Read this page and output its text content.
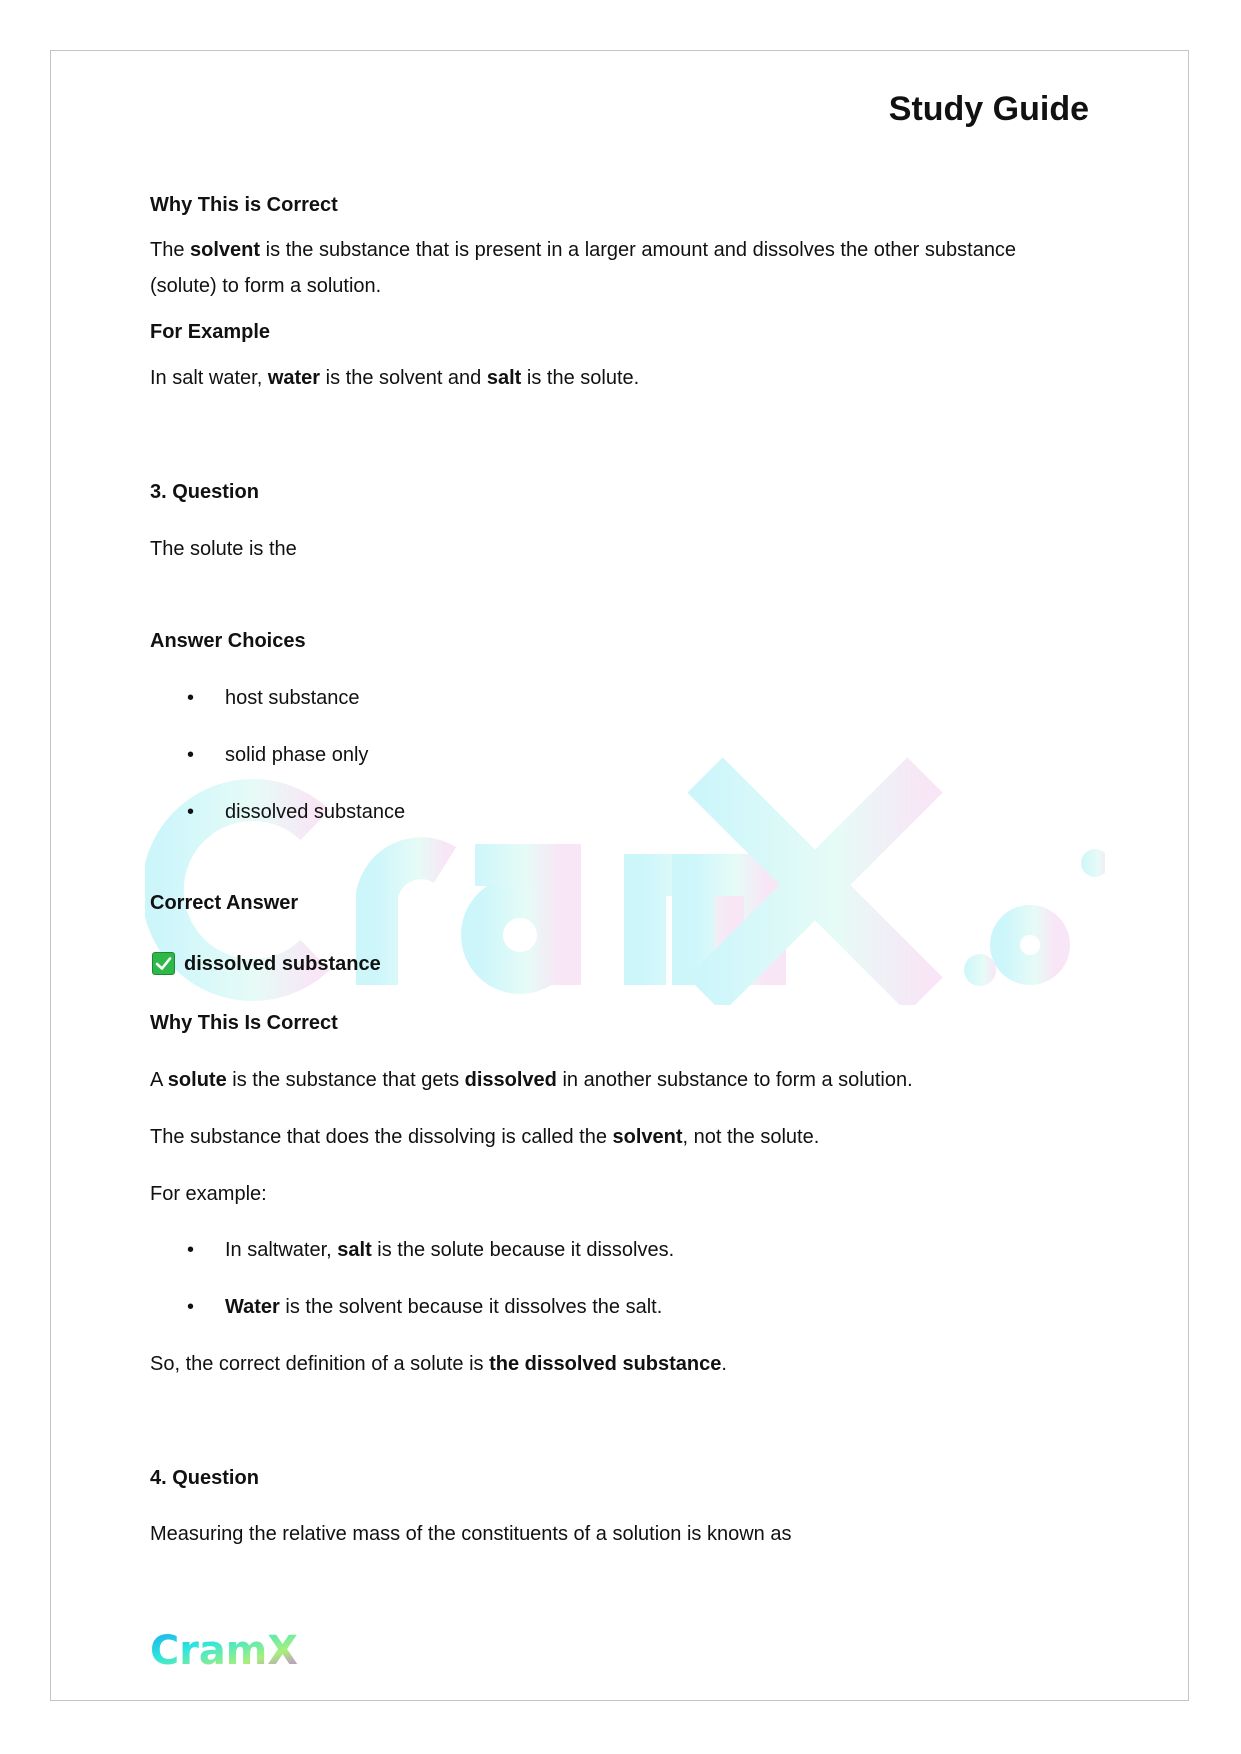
Study Guide
Why This is Correct
The solvent is the substance that is present in a larger amount and dissolves the other substance
(solute) to form a solution.
For Example
In salt water, water is the solvent and salt is the solute.
3. Question
The solute is the
Answer Choices
• host substance
• solid phase only
• dissolved substance
Correct Answer
dissolved substance
Why This Is Correct
A solute is the substance that gets dissolved in another substance to form a solution.
The substance that does the dissolving is called the solvent, not the solute.
For example:
• In saltwater, salt is the solute because it dissolves.
• Water is the solvent because it dissolves the salt.
So, the correct definition of a solute is the dissolved substance.
4. Question
Measuring the relative mass of the constituents of a solution is known as
CramX
